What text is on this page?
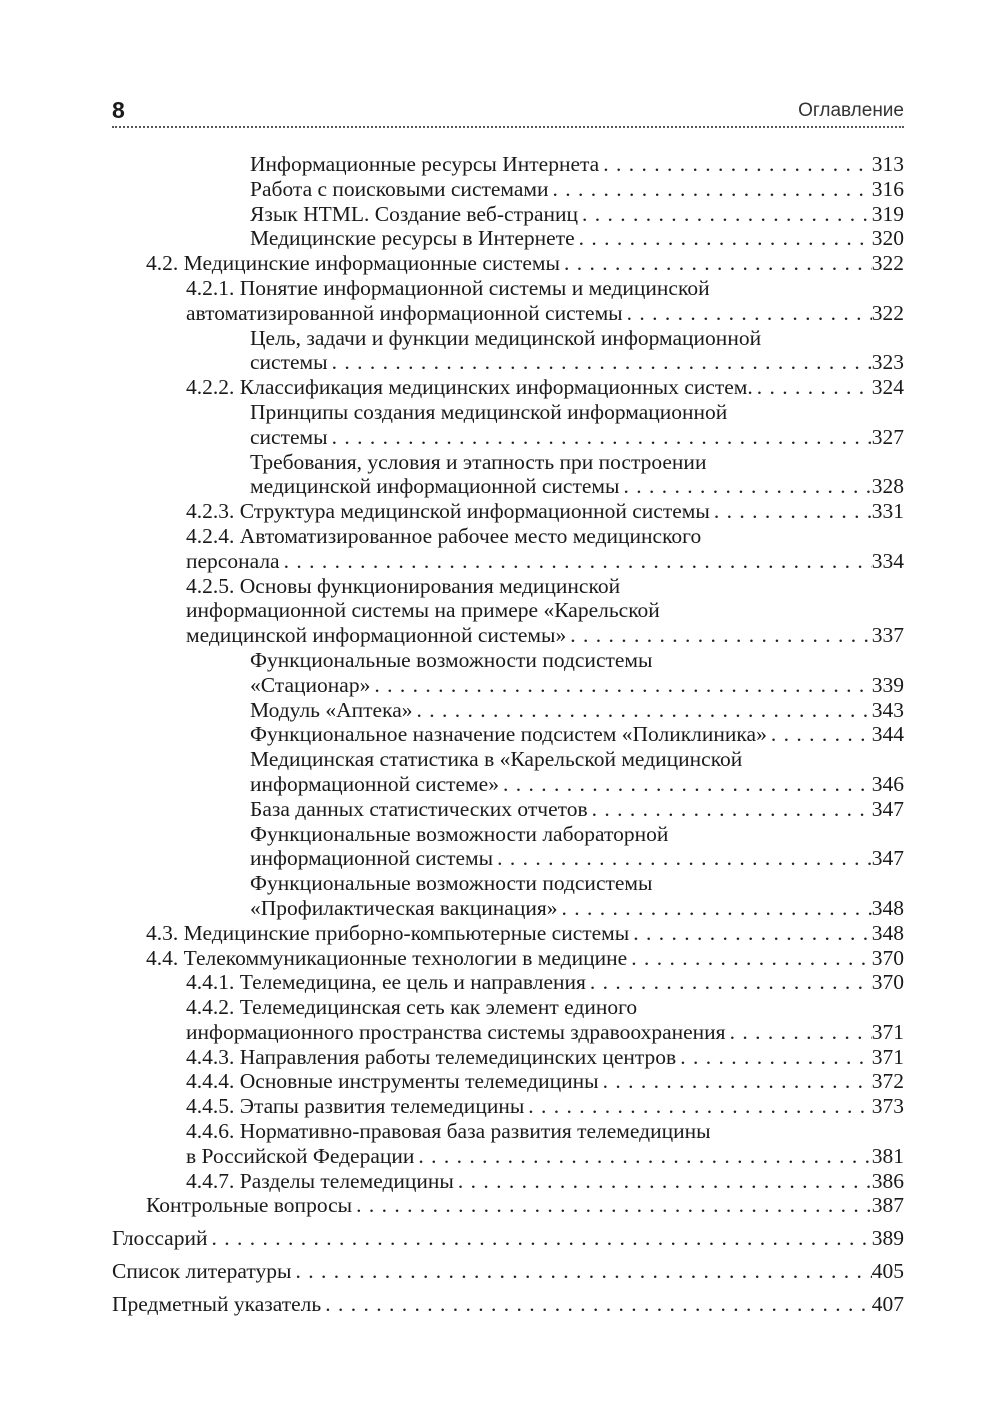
8	Оглавление
Информационные ресурсы Интернета . . .	313
Работа с поисковыми системами . . .	316
Язык HTML. Создание веб-страниц . . .	319
Медицинские ресурсы в Интернете . . .	320
4.2. Медицинские информационные системы . . .	322
4.2.1. Понятие информационной системы и медицинской
автоматизированной информационной системы . . .	322
Цель, задачи и функции медицинской информационной
системы . . .	323
4.2.2. Классификация медицинских информационных систем. . . .	324
Принципы создания медицинской информационной
системы . . .	327
Требования, условия и этапность при построении
медицинской информационной системы . . .	328
4.2.3. Структура медицинской информационной системы . . .	331
4.2.4. Автоматизированное рабочее место медицинского
персонала . . .	334
4.2.5. Основы функционирования медицинской
информационной системы на примере «Карельской
медицинской информационной системы» . . .	337
Функциональные возможности подсистемы
«Стационар» . . .	339
Модуль «Аптека» . . .	343
Функциональное назначение подсистем «Поликлиника» . . .	344
Медицинская статистика в «Карельской медицинской
информационной системе» . . .	346
База данных статистических отчетов . . .	347
Функциональные возможности лабораторной
информационной системы . . .	347
Функциональные возможности подсистемы
«Профилактическая вакцинация» . . .	348
4.3. Медицинские приборно-компьютерные системы . . .	348
4.4. Телекоммуникационные технологии в медицине . . .	370
4.4.1. Телемедицина, ее цель и направления . . .	370
4.4.2. Телемедицинская сеть как элемент единого
информационного пространства системы здравоохранения . . .	371
4.4.3. Направления работы телемедицинских центров . . .	371
4.4.4. Основные инструменты телемедицины . . .	372
4.4.5. Этапы развития телемедицины . . .	373
4.4.6. Нормативно-правовая база развития телемедицины
в Российской Федерации . . .	381
4.4.7. Разделы телемедицины . . .	386
Контрольные вопросы . . .	387
Глоссарий . . .	389
Список литературы . . .	405
Предметный указатель . . .	407
